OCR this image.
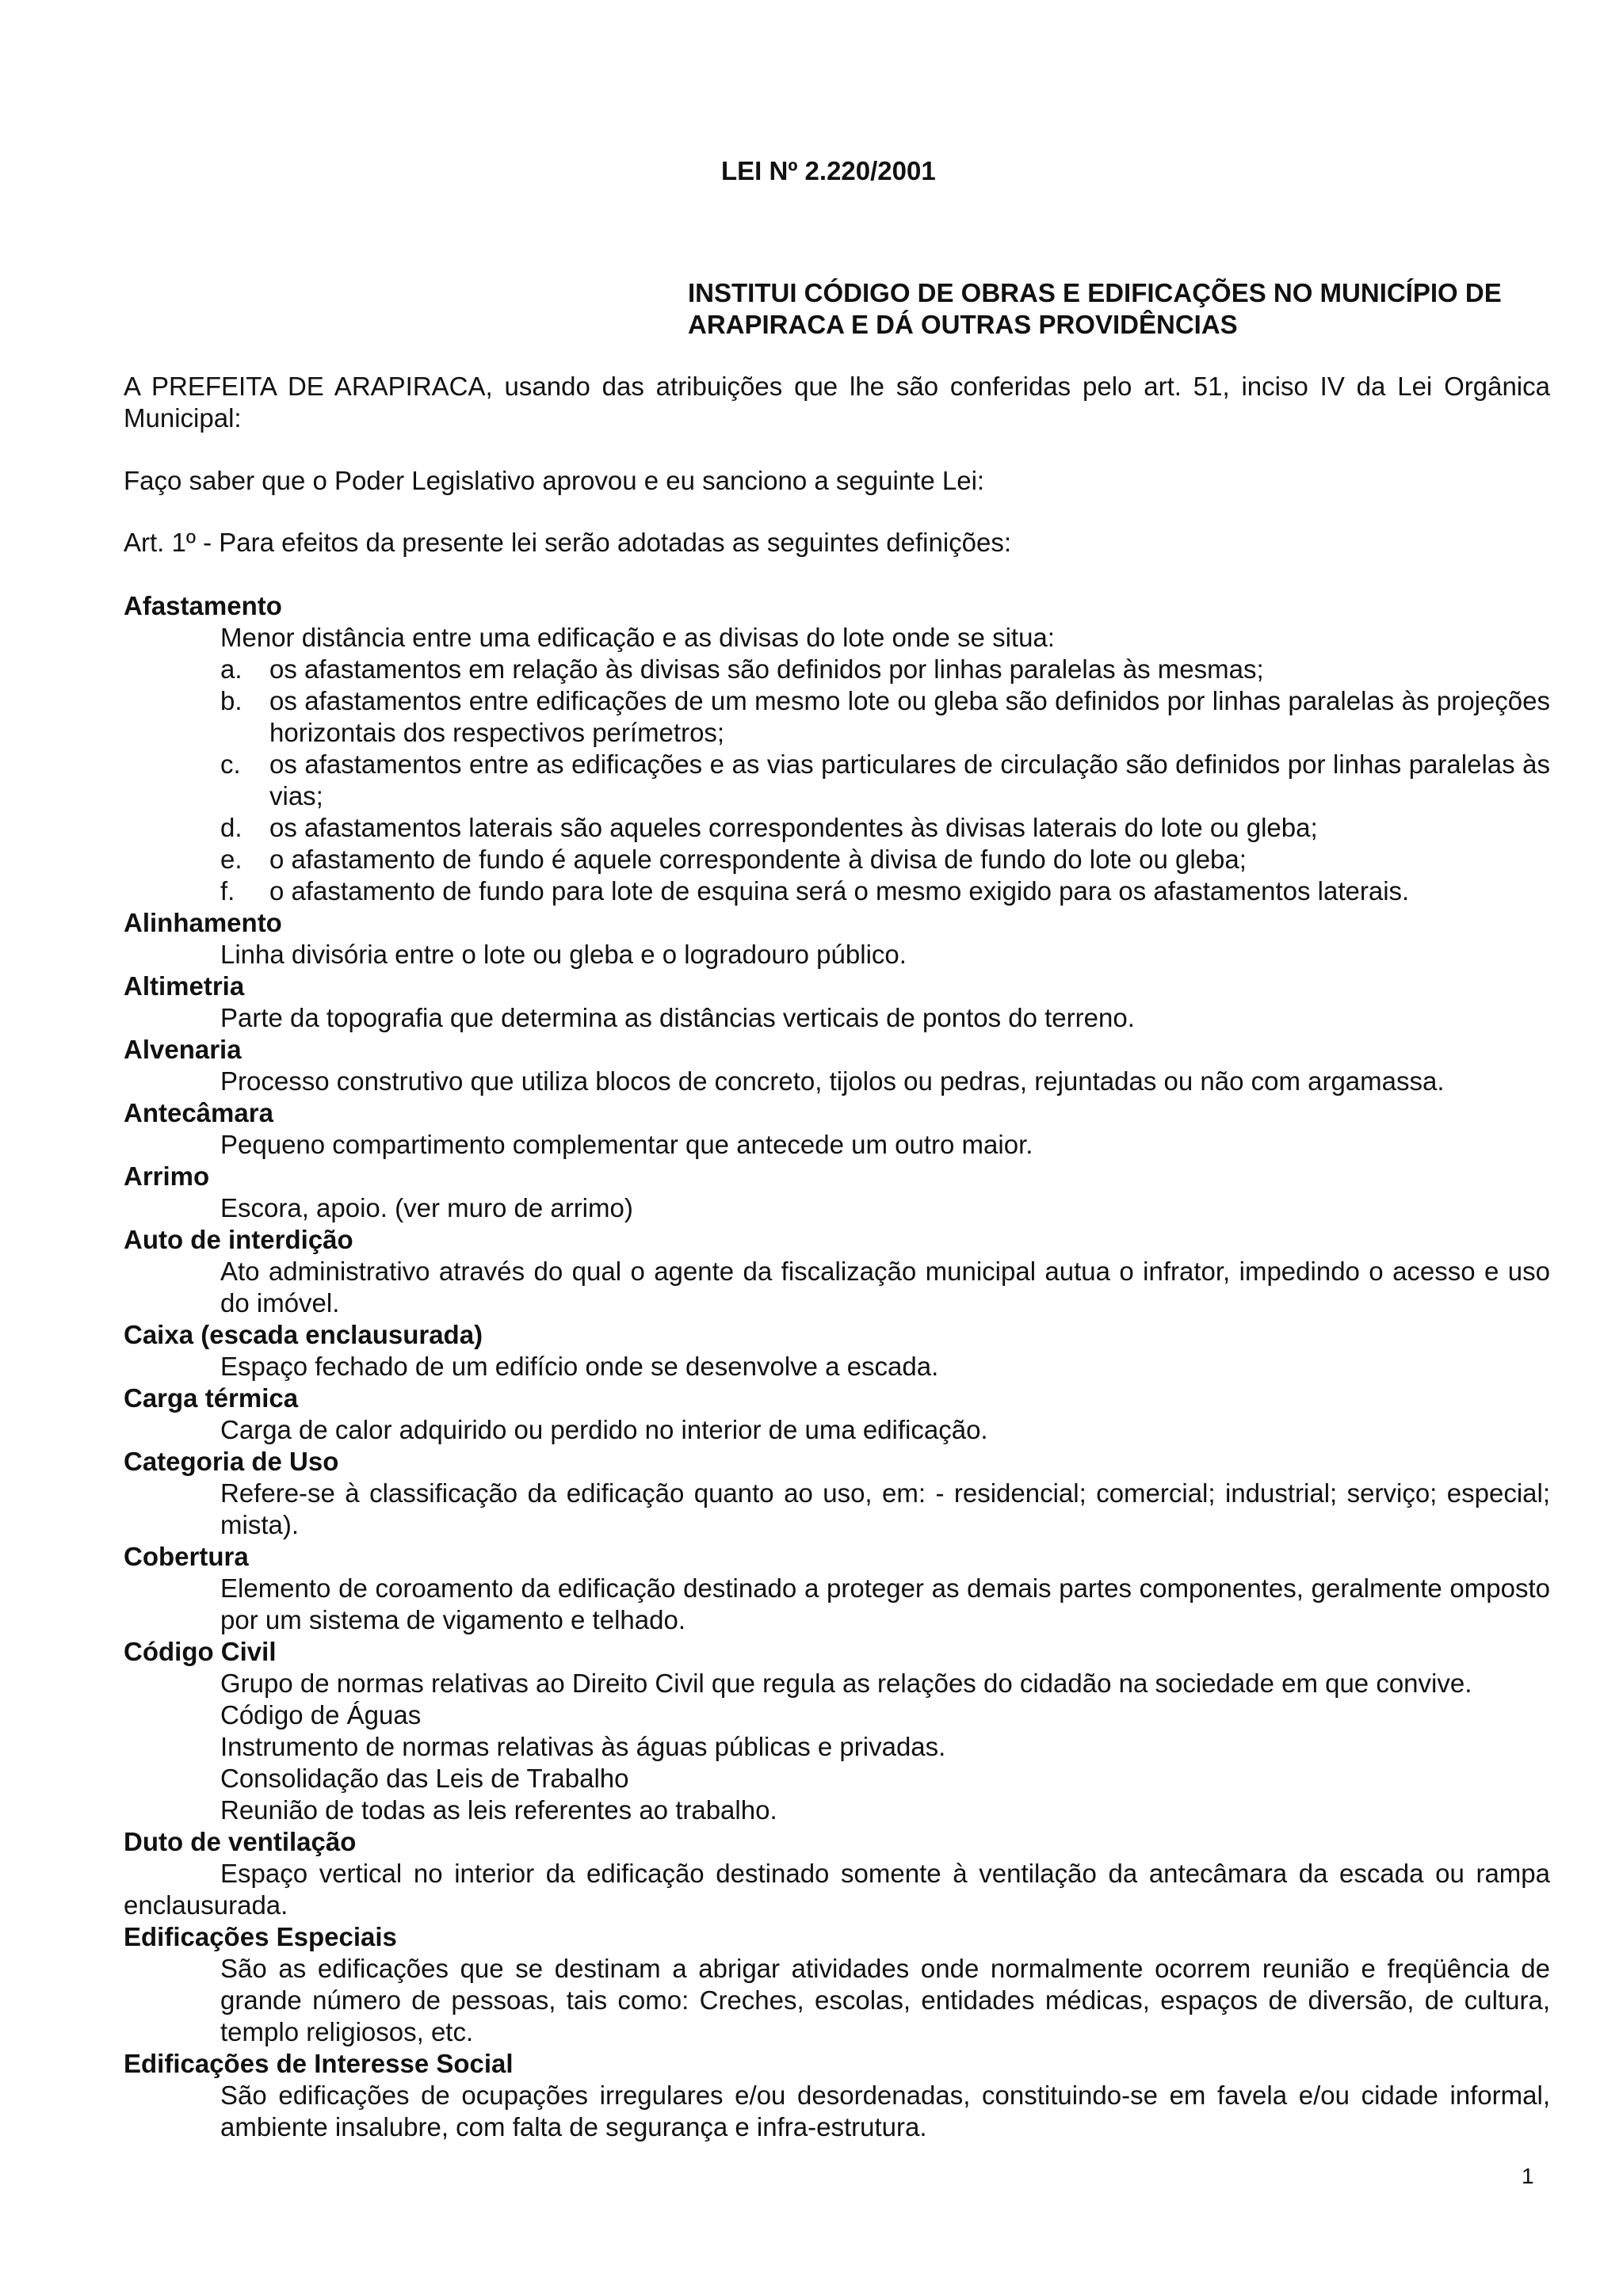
LEI Nº 2.220/2001
INSTITUI CÓDIGO DE OBRAS E EDIFICAÇÕES NO MUNICÍPIO DE ARAPIRACA E DÁ OUTRAS PROVIDÊNCIAS

A PREFEITA DE ARAPIRACA, usando das atribuições que lhe são conferidas pelo art. 51, inciso IV da Lei Orgânica Municipal:

Faço saber que o Poder Legislativo aprovou e eu sanciono a seguinte Lei:

Art. 1º - Para efeitos da presente lei serão adotadas as seguintes definições:

Afastamento

Menor distância entre uma edificação e as divisas do lote onde se situa:

a. os afastamentos em relação às divisas são definidos por linhas paralelas às mesmas;
b. os afastamentos entre edificações de um mesmo lote ou gleba são definidos por linhas paralelas às projeções horizontais dos respectivos perímetros;
c. os afastamentos entre as edificações e as vias particulares de circulação são definidos por linhas paralelas às vias;
d. os afastamentos laterais são aqueles correspondentes às divisas laterais do lote ou gleba;
e. o afastamento de fundo é aquele correspondente à divisa de fundo do lote ou gleba;
f. o afastamento de fundo para lote de esquina será o mesmo exigido para os afastamentos laterais.

Alinhamento

Linha divisória entre o lote ou gleba e o logradouro público.

Altimetria

Parte da topografia que determina as distâncias verticais de pontos do terreno.

Alvenaria

Processo construtivo que utiliza blocos de concreto, tijolos ou pedras, rejuntadas ou não com argamassa.

Antecâmara

Pequeno compartimento complementar que antecede um outro maior.

Arrimo

Escora, apoio. (ver muro de arrimo)

Auto de interdição

Ato administrativo através do qual o agente da fiscalização municipal autua o infrator, impedindo o acesso e uso do imóvel.

Caixa (escada enclausurada)

Espaço fechado de um edifício onde se desenvolve a escada.

Carga térmica

Carga de calor adquirido ou perdido no interior de uma edificação.

Categoria de Uso

Refere-se à classificação da edificação quanto ao uso, em: - residencial; comercial; industrial; serviço; especial; mista).

Cobertura

Elemento de coroamento da edificação destinado a proteger as demais partes componentes, geralmente omposto por um sistema de vigamento e telhado.

Código Civil

Grupo de normas relativas ao Direito Civil que regula as relações do cidadão na sociedade em que convive.

Código de Águas

Instrumento de normas relativas às águas públicas e privadas.

Consolidação das Leis de Trabalho

Reunião de todas as leis referentes ao trabalho.

Duto de ventilação

Espaço vertical no interior da edificação destinado somente à ventilação da antecâmara da escada ou rampa enclausurada.

Edificações Especiais

São as edificações que se destinam a abrigar atividades onde normalmente ocorrem reunião e freqüência de grande número de pessoas, tais como: Creches, escolas, entidades médicas, espaços de diversão, de cultura, templo religiosos, etc.

Edificações de Interesse Social

São edificações de ocupações irregulares e/ou desordenadas, constituindo-se em favela e/ou cidade informal, ambiente insalubre, com falta de segurança e infra-estrutura.

1
